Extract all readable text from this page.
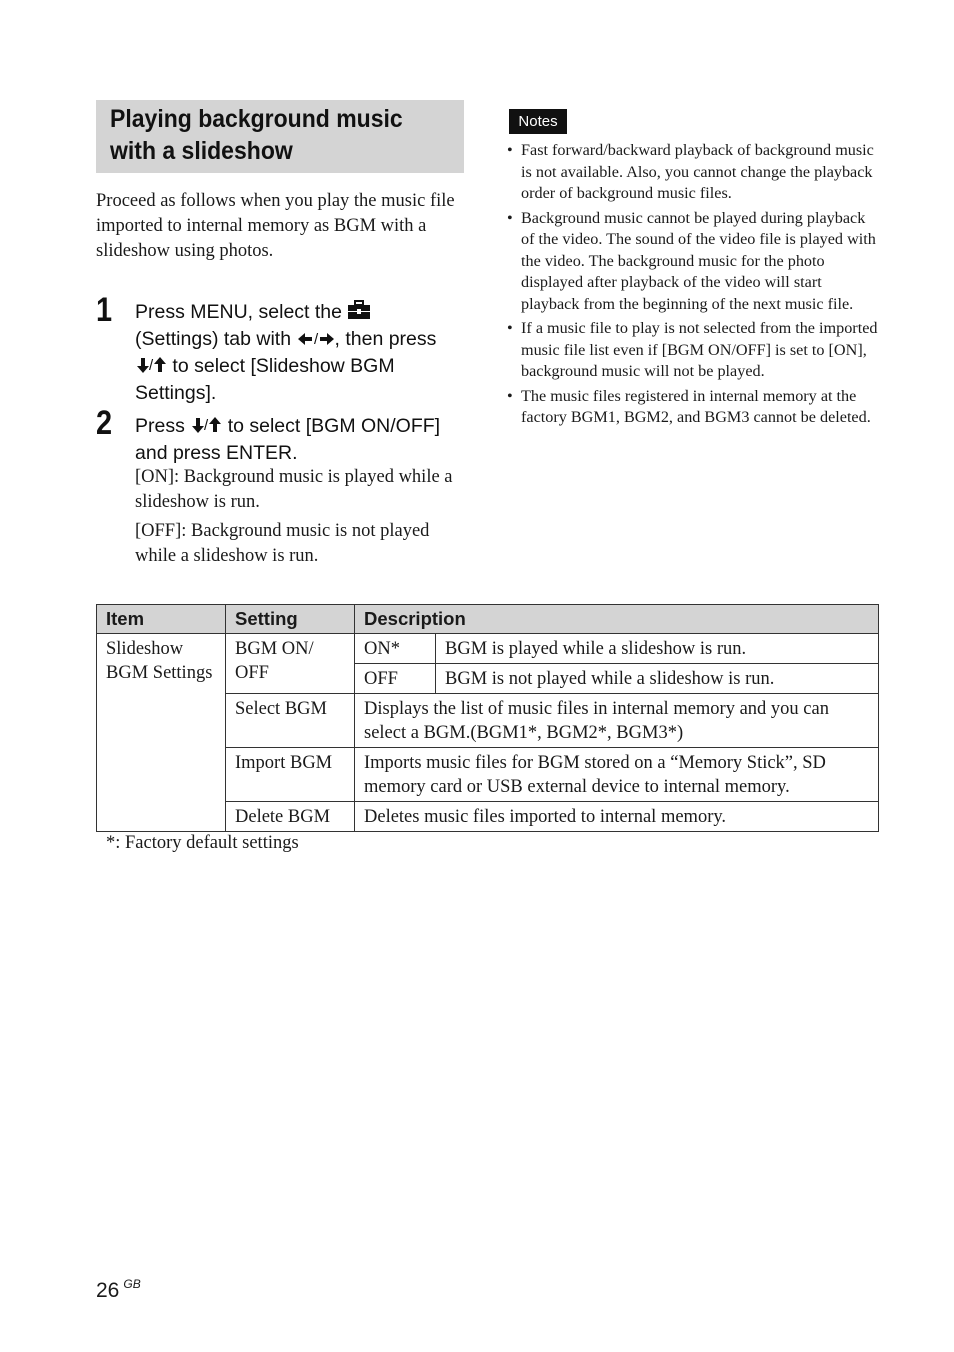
Playing background music
with a slideshow

Proceed as follows when you play the music file imported to internal memory as BGM with a slideshow using photos.

1 Press MENU, select the
(Settings) tab with / , then press
/ to select [Slideshow BGM
Settings].
2 Press / to select [BGM ON/OFF]
and press ENTER.

[ON]: Background music is played while a slideshow is run.

[OFF]: Background music is not played while a slideshow is run.

Notes
• Fast forward/backward playback of background music is not available. Also, you cannot change the playback order of background music files.
• Background music cannot be played during playback of the video. The sound of the video file is played with the video. The background music for the photo displayed after playback of the video will start playback from the beginning of the next music file.
• If a music file to play is not selected from the imported music file list even if [BGM ON/OFF] is set to [ON], background music will not be played.
• The music files registered in internal memory at the factory BGM1, BGM2, and BGM3 cannot be deleted.
Item	Setting	Description	
Slideshow BGM Settings	BGM ON/ OFF	ON*	BGM is played while a slideshow is run.
		OFF	BGM is not played while a slideshow is run.
	Select BGM	Displays the list of music files in internal memory and you can select a BGM.(BGM1*, BGM2*, BGM3*)	
	Import BGM	Imports music files for BGM stored on a “Memory Stick”, SD memory card or USB external device to internal memory.	
	Delete BGM	Deletes music files imported to internal memory.	
*: Factory default settings
26 $^{GB}$
